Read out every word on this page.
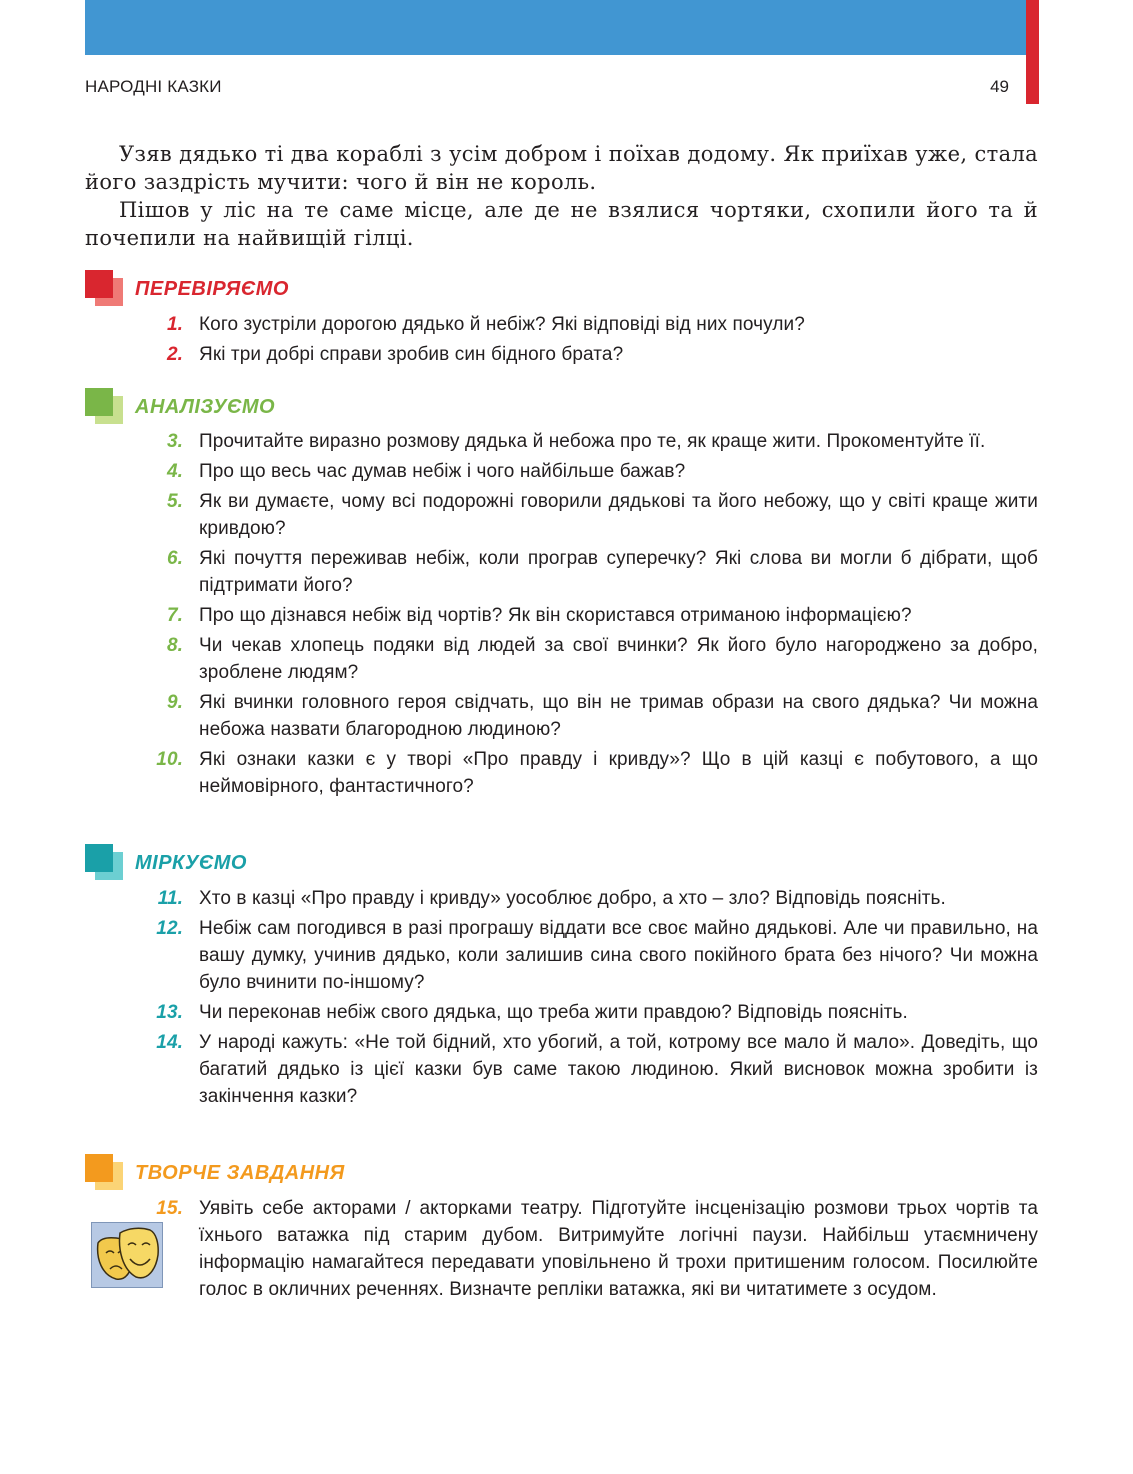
НАРОДНІ КАЗКИ	49

Узяв дядько ті два кораблі з усім добром і поїхав додому. Як приїхав уже, стала його заздрість мучити: чого й він не король.

Пішов у ліс на те саме місце, але де не взялися чортяки, схопили його та й почепили на найвищій гілці.

ПЕРЕВІРЯЄМО
1. Кого зустріли дорогою дядько й небіж? Які відповіді від них почули?
2. Які три добрі справи зробив син бідного брата?
АНАЛІЗУЄМО
3. Прочитайте виразно розмову дядька й небожа про те, як краще жити. Прокоментуйте її.
4. Про що весь час думав небіж і чого найбільше бажав?
5. Як ви думаєте, чому всі подорожні говорили дядькові та його небожу, що у світі краще жити кривдою?
6. Які почуття переживав небіж, коли програв суперечку? Які слова ви могли б дібрати, щоб підтримати його?
7. Про що дізнався небіж від чортів? Як він скористався отриманою інформацією?
8. Чи чекав хлопець подяки від людей за свої вчинки? Як його було нагороджено за добро, зроблене людям?
9. Які вчинки головного героя свідчать, що він не тримав образи на свого дядька? Чи можна небожа назвати благородною людиною?
10. Які ознаки казки є у творі «Про правду і кривду»? Що в цій казці є побутового, а що неймовірного, фантастичного?
МІРКУЄМО
11. Хто в казці «Про правду і кривду» уособлює добро, а хто – зло? Відповідь поясніть.
12. Небіж сам погодився в разі програшу віддати все своє майно дядькові. Але чи правильно, на вашу думку, учинив дядько, коли залишив сина свого покійного брата без нічого? Чи можна було вчинити по-іншому?
13. Чи переконав небіж свого дядька, що треба жити правдою? Відповідь поясніть.
14. У народі кажуть: «Не той бідний, хто убогий, а той, котрому все мало й мало». Доведіть, що багатий дядько із цієї казки був саме такою людиною. Який висновок можна зробити із закінчення казки?
ТВОРЧЕ ЗАВДАННЯ
15. Уявіть себе акторами / акторками театру. Підготуйте інсценізацію розмови трьох чортів та їхнього ватажка під старим дубом. Витримуйте логічні паузи. Найбільш утаємничену інформацію намагайтеся передавати уповільнено й трохи притишеним голосом. Посилюйте голос в окличних реченнях. Визначте репліки ватажка, які ви читатимете з осудом.
